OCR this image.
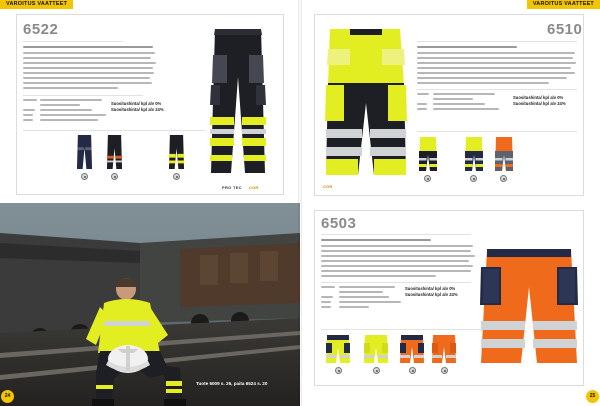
VAROITUS VAATTEET
6522
Suositushinta/ kpl alv 0%
Suositushinta/ kpl alv 24%
PRO TEC COR
Tuote 6009 s. 26, paita 6524 s. 20
24
VAROITUS VAATTEET
COR
6510
Suositushinta/ kpl alv 0%
Suositushinta/ kpl alv 24%
6503
Suositushinta/ kpl alv 0%
Suositushinta/ kpl alv 24%
25
